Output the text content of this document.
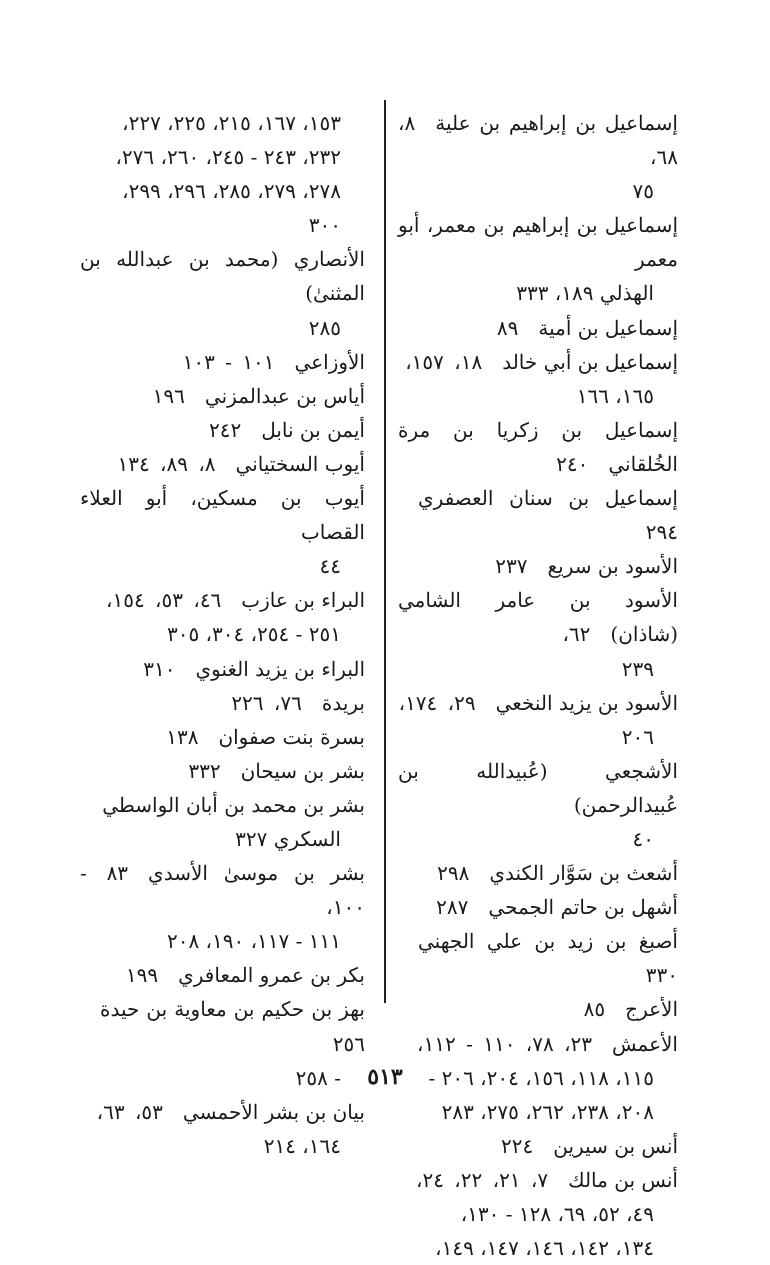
إسماعيل بن إبراهيم بن علية ٨، ٦٨،
٧٥
إسماعيل بن إبراهيم بن معمر، أبو معمر
الهذلي ١٨٩، ٣٣٣
إسماعيل بن أمية ٨٩
إسماعيل بن أبي خالد ١٨، ١٥٧،
١٦٥، ١٦٦
إسماعيل بن زكريا بن مرة الخُلقاني ٢٤٠
إسماعيل بن سنان العصفري ٢٩٤
الأسود بن سريع ٢٣٧
الأسود بن عامر الشامي (شاذان) ٦٢،
٢٣٩
الأسود بن يزيد النخعي ٢٩، ١٧٤،
٢٠٦
الأشجعي (عُبيدالله بن عُبيدالرحمن)
٤٠
أشعث بن سَوَّار الكندي ٢٩٨
أشهل بن حاتم الجمحي ٢٨٧
أصبغ بن زيد بن علي الجهني ٣٣٠
الأعرج ٨٥
الأعمش ٢٣، ٧٨، ١١٠ - ١١٢،
١١٥، ١١٨، ١٥٦، ٢٠٤، ٢٠٦ -
٢٠٨، ٢٣٨، ٢٦٢، ٢٧٥، ٢٨٣
أنس بن سيرين ٢٢٤
أنس بن مالك ٧، ٢١، ٢٢، ٢٤،
٤٩، ٥٢، ٦٩، ١٢٨ - ١٣٠،
١٣٤، ١٤٢، ١٤٦، ١٤٧، ١٤٩،
١٥٣، ١٦٧، ٢١٥، ٢٢٥، ٢٢٧،
٢٣٢، ٢٤٣ - ٢٤٥، ٢٦٠، ٢٧٦،
٢٧٨، ٢٧٩، ٢٨٥، ٢٩٦، ٢٩٩،
٣٠٠
الأنصاري (محمد بن عبدالله بن المثنىٰ)
٢٨٥
الأوزاعي ١٠١ - ١٠٣
أياس بن عبدالمزني ١٩٦
أيمن بن نابل ٢٤٢
أيوب السختياني ٨، ٨٩، ١٣٤
أيوب بن مسكين، أبو العلاء القصاب
٤٤
البراء بن عازب ٤٦، ٥٣، ١٥٤،
٢٥١ - ٢٥٤، ٣٠٤، ٣٠٥
البراء بن يزيد الغنوي ٣١٠
بريدة ٧٦، ٢٢٦
بسرة بنت صفوان ١٣٨
بشر بن سيحان ٣٣٢
بشر بن محمد بن أبان الواسطي
السكري ٣٢٧
بشر بن موسىٰ الأسدي ٨٣ - ١٠٠،
١١١ - ١١٧، ١٩٠، ٢٠٨
بكر بن عمرو المعافري ١٩٩
بهز بن حكيم بن معاوية بن حيدة ٢٥٦
- ٢٥٨
بيان بن بشر الأحمسي ٥٣، ٦٣،
١٦٤، ٢١٤
٥١٣
